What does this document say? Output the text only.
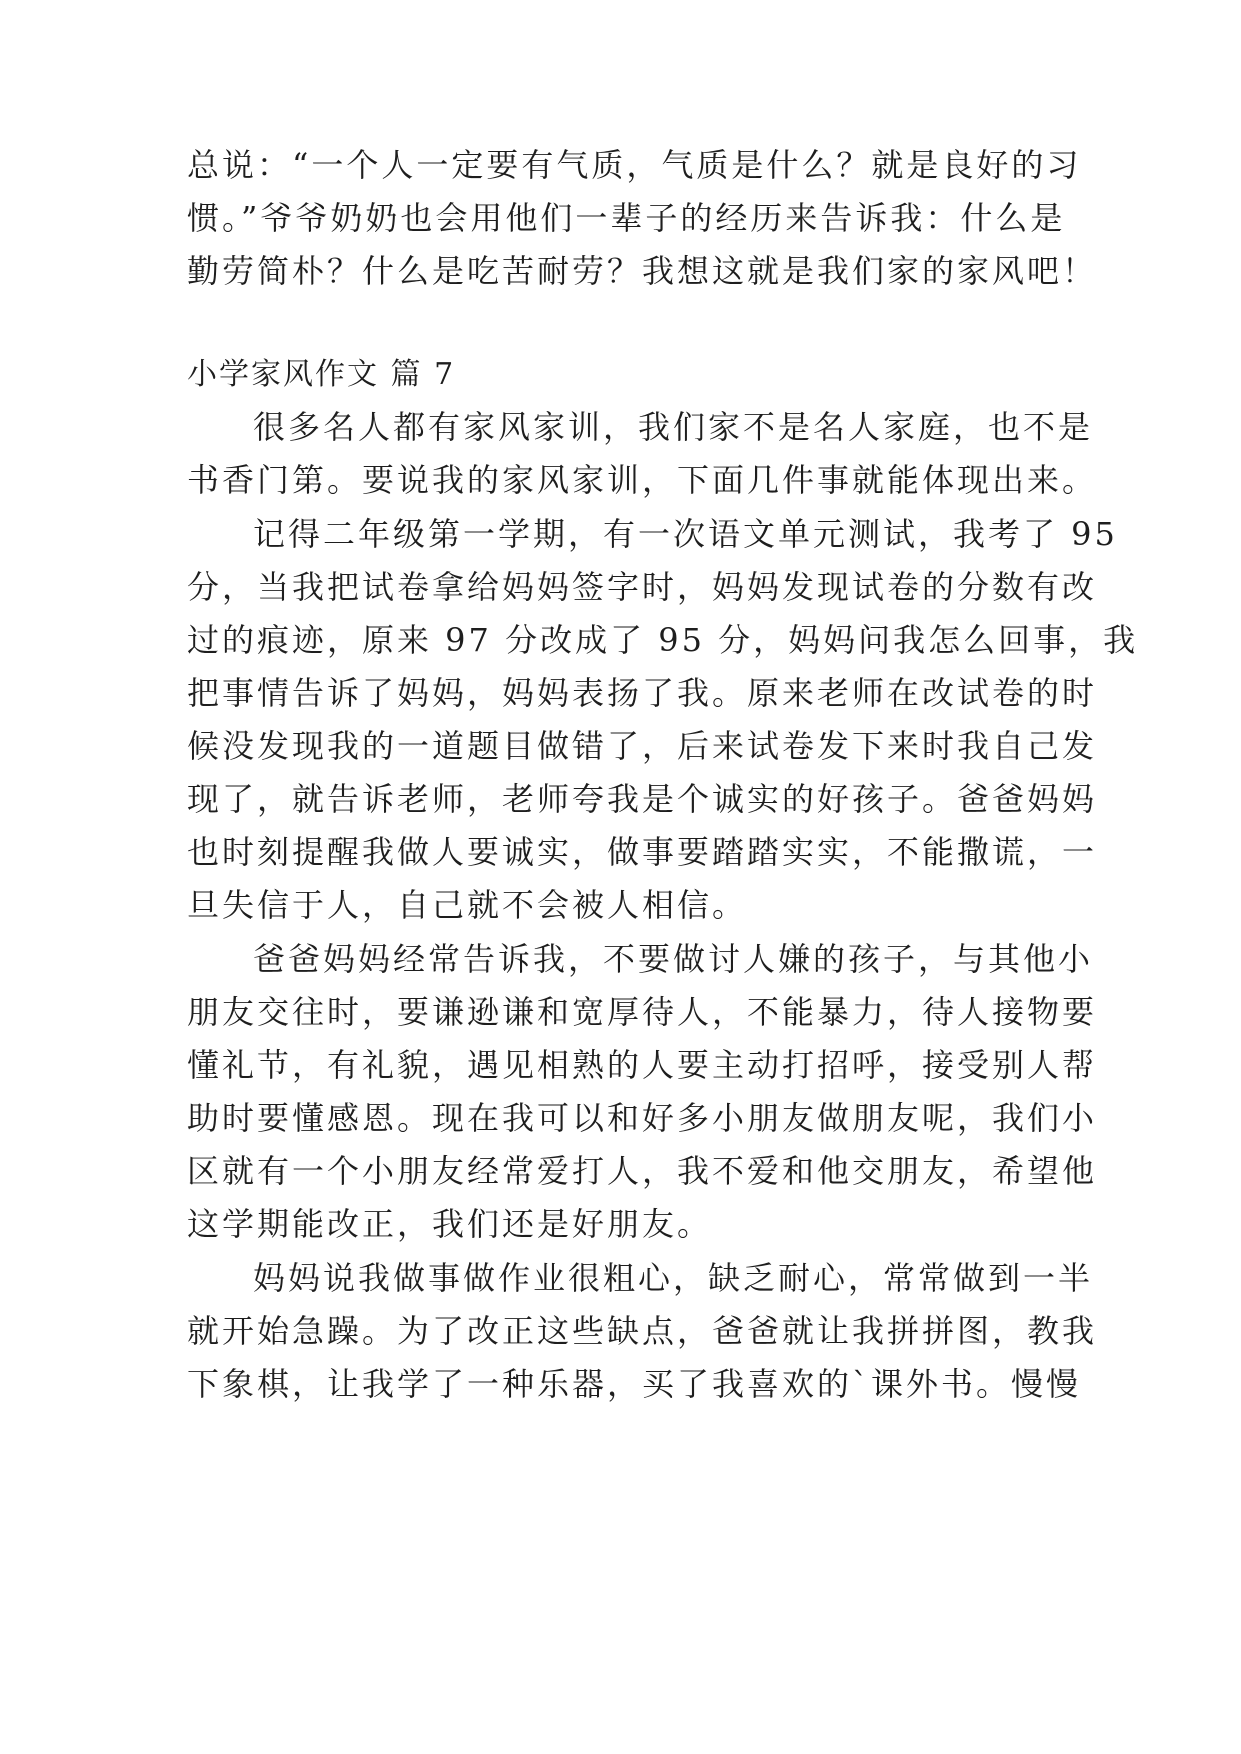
总说：“一个人一定要有气质，气质是什么？就是良好的习
惯。”爷爷奶奶也会用他们一辈子的经历来告诉我：什么是
勤劳简朴？什么是吃苦耐劳？我想这就是我们家的家风吧！
小学家风作文 篇 7
很多名人都有家风家训，我们家不是名人家庭，也不是
书香门第。要说我的家风家训，下面几件事就能体现出来。
记得二年级第一学期，有一次语文单元测试，我考了 95
分，当我把试卷拿给妈妈签字时，妈妈发现试卷的分数有改
过的痕迹，原来 97 分改成了 95 分，妈妈问我怎么回事，我
把事情告诉了妈妈，妈妈表扬了我。原来老师在改试卷的时
候没发现我的一道题目做错了，后来试卷发下来时我自己发
现了，就告诉老师，老师夸我是个诚实的好孩子。爸爸妈妈
也时刻提醒我做人要诚实，做事要踏踏实实，不能撒谎，一
旦失信于人，自己就不会被人相信。
爸爸妈妈经常告诉我，不要做讨人嫌的孩子，与其他小
朋友交往时，要谦逊谦和宽厚待人，不能暴力，待人接物要
懂礼节，有礼貌，遇见相熟的人要主动打招呼，接受别人帮
助时要懂感恩。现在我可以和好多小朋友做朋友呢，我们小
区就有一个小朋友经常爱打人，我不爱和他交朋友，希望他
这学期能改正，我们还是好朋友。
妈妈说我做事做作业很粗心，缺乏耐心，常常做到一半
就开始急躁。为了改正这些缺点，爸爸就让我拼拼图，教我
下象棋，让我学了一种乐器，买了我喜欢的`课外书。慢慢
